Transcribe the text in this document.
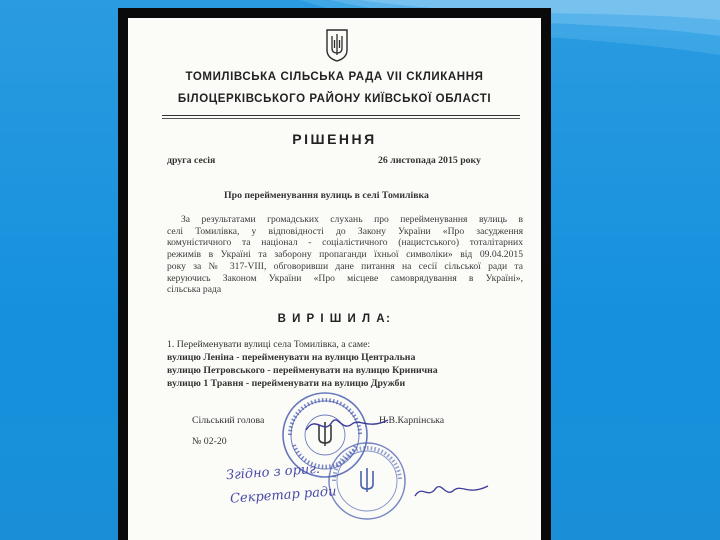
ТОМИЛІВСЬКА СІЛЬСЬКА РАДА VII СКЛИКАННЯ
БІЛОЦЕРКІВСЬКОГО РАЙОНУ КИЇВСЬКОЇ ОБЛАСТІ
РІШЕННЯ
друга сесія	26 листопада 2015 року
Про перейменування вулиць в селі Томилівка
За результатами громадських слухань про перейменування вулиць в
селі Томилівка, у відповідності до Закону України «Про засудження
комуністичного та націонал - соціалістичного (нацистського) тоталітарних
режимів в Україні та заборону пропаганди їхньої символіки» від 09.04.2015
року за № 317-VIII, обговоривши дане питання на сесії сільської ради та
керуючись Законом України «Про місцеве самоврядування в Україні»,
сільська рада
В И Р І Ш И Л А:
1. Перейменувати вулиці села Томилівка, а саме:
вулицю Леніна - перейменувати на вулицю Центральна
вулицю Петровського - перейменувати на вулицю Кринична
вулицю 1 Травня - перейменувати на вулицю Дружби
Сільський голова	Н.В.Карпінська
№ 02-20
Згідно з ориг.
Секретар ради
